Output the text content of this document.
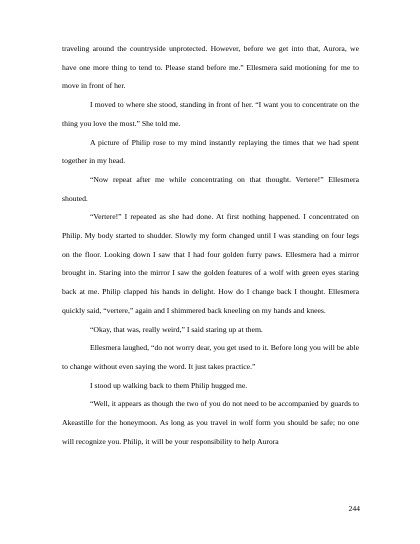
traveling around the countryside unprotected. However, before we get into that, Aurora, we have one more thing to tend to. Please stand before me.” Ellesmera said motioning for me to move in front of her.

I moved to where she stood, standing in front of her. “I want you to concentrate on the thing you love the most.” She told me.

A picture of Philip rose to my mind instantly replaying the times that we had spent together in my head.

“Now repeat after me while concentrating on that thought. Vertere!” Ellesmera shouted.

“Vertere!” I repeated as she had done. At first nothing happened. I concentrated on Philip. My body started to shudder. Slowly my form changed until I was standing on four legs on the floor. Looking down I saw that I had four golden furry paws. Ellesmera had a mirror brought in. Staring into the mirror I saw the golden features of a wolf with green eyes staring back at me. Philip clapped his hands in delight. How do I change back I thought. Ellesmera quickly said, “vertere,” again and I shimmered back kneeling on my hands and knees.

“Okay, that was, really weird,” I said staring up at them.

Ellesmera laughed, “do not worry dear, you get used to it. Before long you will be able to change without even saying the word. It just takes practice.”

I stood up walking back to them Philip hugged me.

“Well, it appears as though the two of you do not need to be accompanied by guards to Akeastille for the honeymoon. As long as you travel in wolf form you should be safe; no one will recognize you. Philip, it will be your responsibility to help Aurora

244
